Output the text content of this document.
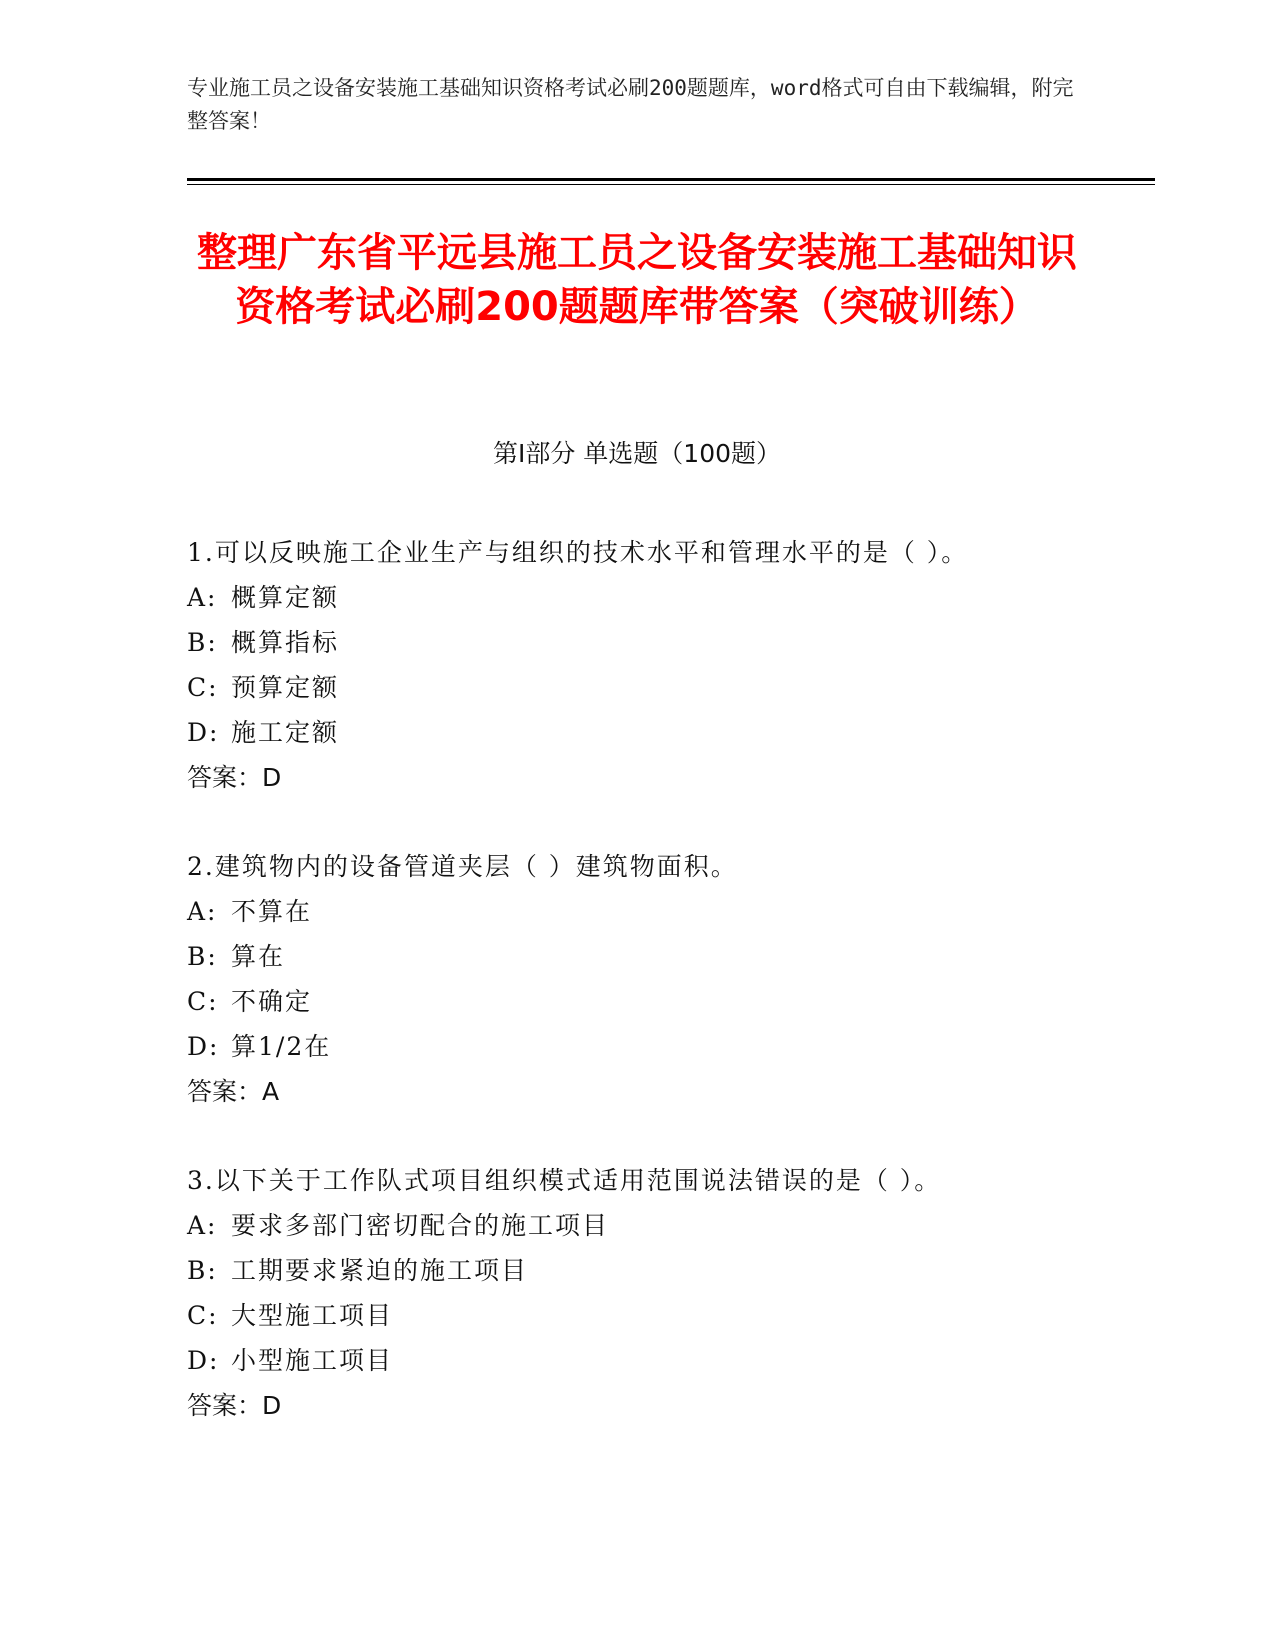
专业施工员之设备安装施工基础知识资格考试必刷200题题库，word格式可自由下载编辑，附完整答案！
整理广东省平远县施工员之设备安装施工基础知识资格考试必刷200题题库带答案（突破训练）
第Ⅰ部分 单选题（100题）
1.可以反映施工企业生产与组织的技术水平和管理水平的是（ ）。
A: 概算定额
B: 概算指标
C: 预算定额
D: 施工定额
答案：D
2.建筑物内的设备管道夹层（ ）建筑物面积。
A: 不算在
B: 算在
C: 不确定
D: 算1/2在
答案：A
3.以下关于工作队式项目组织模式适用范围说法错误的是（ ）。
A: 要求多部门密切配合的施工项目
B: 工期要求紧迫的施工项目
C: 大型施工项目
D: 小型施工项目
答案：D
